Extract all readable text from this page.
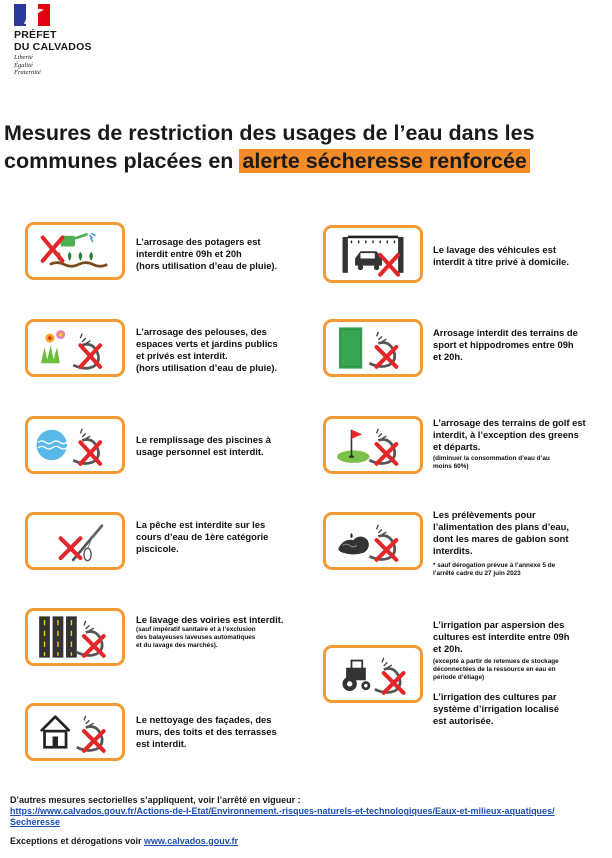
PRÉFET
DU CALVADOS
Liberté
Égalité
Fraternité
Mesures de restriction des usages de l’eau dans les communes placées en alerte sécheresse renforcée
L’arrosage des potagers est
interdit entre 09h et 20h
(hors utilisation d’eau de pluie).
L’arrosage des pelouses, des
espaces verts et jardins publics
et privés est interdit.
(hors utilisation d’eau de pluie).
Le remplissage des piscines à
usage personnel est interdit.
La pêche est interdite sur les
cours d’eau de 1ère catégorie
piscicole.
Le lavage des voiries est interdit.
(sauf impératif sanitaire et à l’exclusion
des balayeuses laveuses automatiques
et du lavage des marchés).
Le nettoyage des façades, des
murs, des toits et des terrasses
est interdit.
Le lavage des véhicules est
interdit à titre privé à domicile.
Arrosage interdit des terrains de
sport et hippodromes entre 09h
et 20h.
L’arrosage des terrains de golf est
interdit, à l’exception des greens
et départs.
(diminuer la consommation d’eau d’au
moins 60%)
Les prélèvements pour
l’alimentation des plans d’eau,
dont les mares de gabion sont
interdits.
* sauf dérogation prévue à l’annexe 5 de
l’arrêté cadre du 27 juin 2023
L’irrigation par aspersion des
cultures est interdite entre 09h
et 20h.
(excepté à partir de retenues de stockage
déconnectées de la ressource en eau en
période d’étiage)
L’irrigation des cultures par
système d’irrigation localisé
est autorisée.
D’autres mesures sectorielles s’appliquent, voir l’arrêté en vigueur :
https://www.calvados.gouv.fr/Actions-de-l-Etat/Environnement.-risques-naturels-et-technologiques/Eaux-et-milieux-aquatiques/
Secheresse
Exceptions et dérogations voir www.calvados.gouv.fr
